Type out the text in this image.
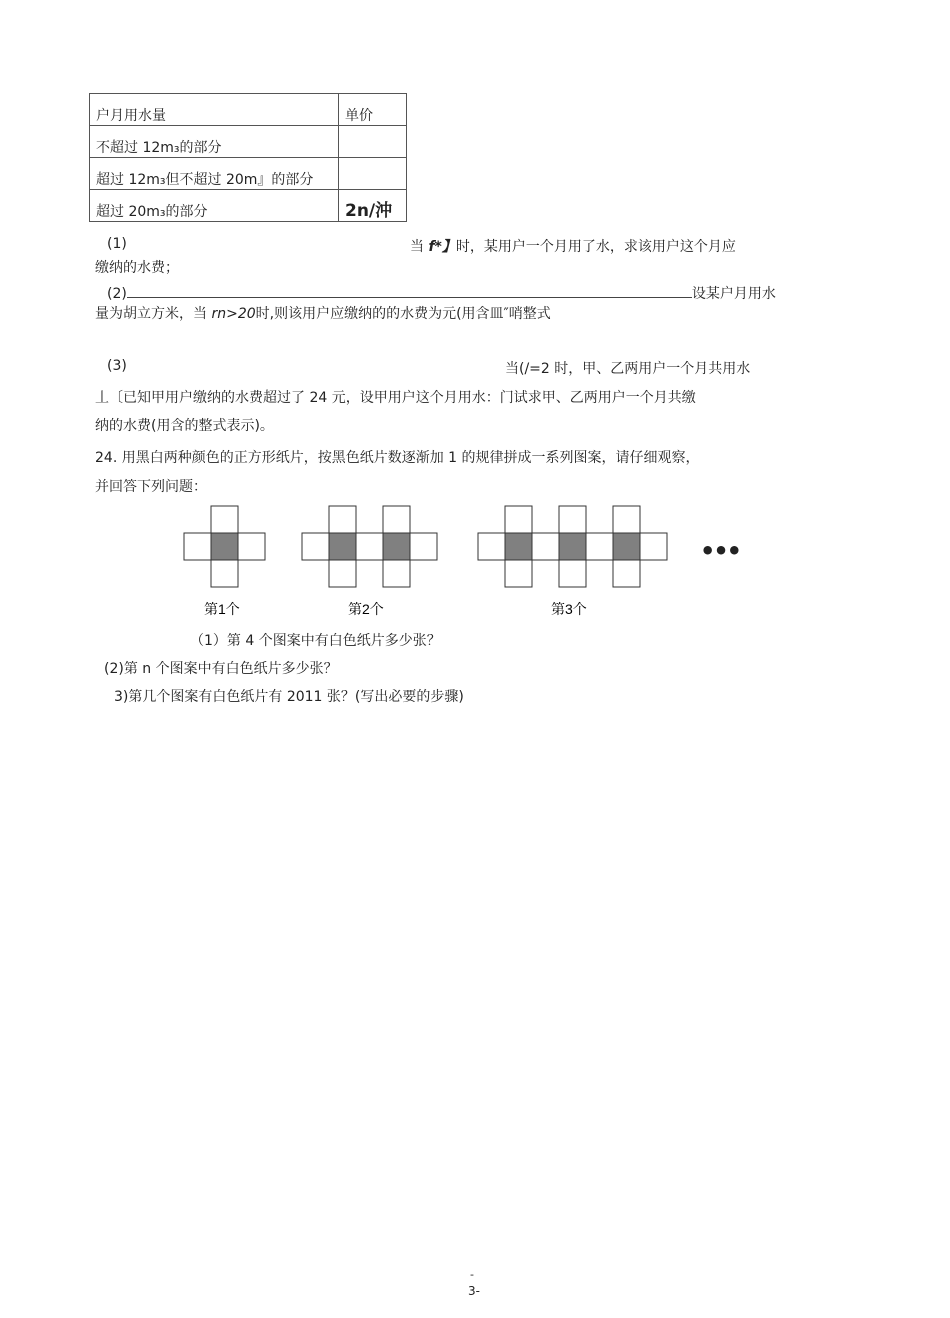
户月用水量	单价
不超过 12m₃的部分	
超过 12m₃但不超过 20m』的部分	
超过 20m₃的部分	2n/沖
(1)	当 f*】时，某用户一个月用了水，求该用户这个月应
缴纳的水费；
(2)	设某户月用水
量为胡立方米，当 rn>20时,则该用户应缴纳的的水费为元(用含皿″哨整式
(3)	当(/=2 时，甲、乙两用户一个月共用水
丄〔已知甲用户缴纳的水费超过了 24 元，设甲用户这个月用水：门试求甲、乙两用户一个月共缴
纳的水费(用含的整式表示)。
24. 用黑白两种颜色的正方形纸片，按黑色纸片数逐渐加 1 的规律拼成一系列图案，请仔细观察，
并回答下列问题：
第1个	第2个	第3个
•••
（1）第 4 个图案中有白色纸片多少张？
(2)第 n 个图案中有白色纸片多少张？
3)第几个图案有白色纸片有 2011 张？(写出必要的步骤)
-
3-
